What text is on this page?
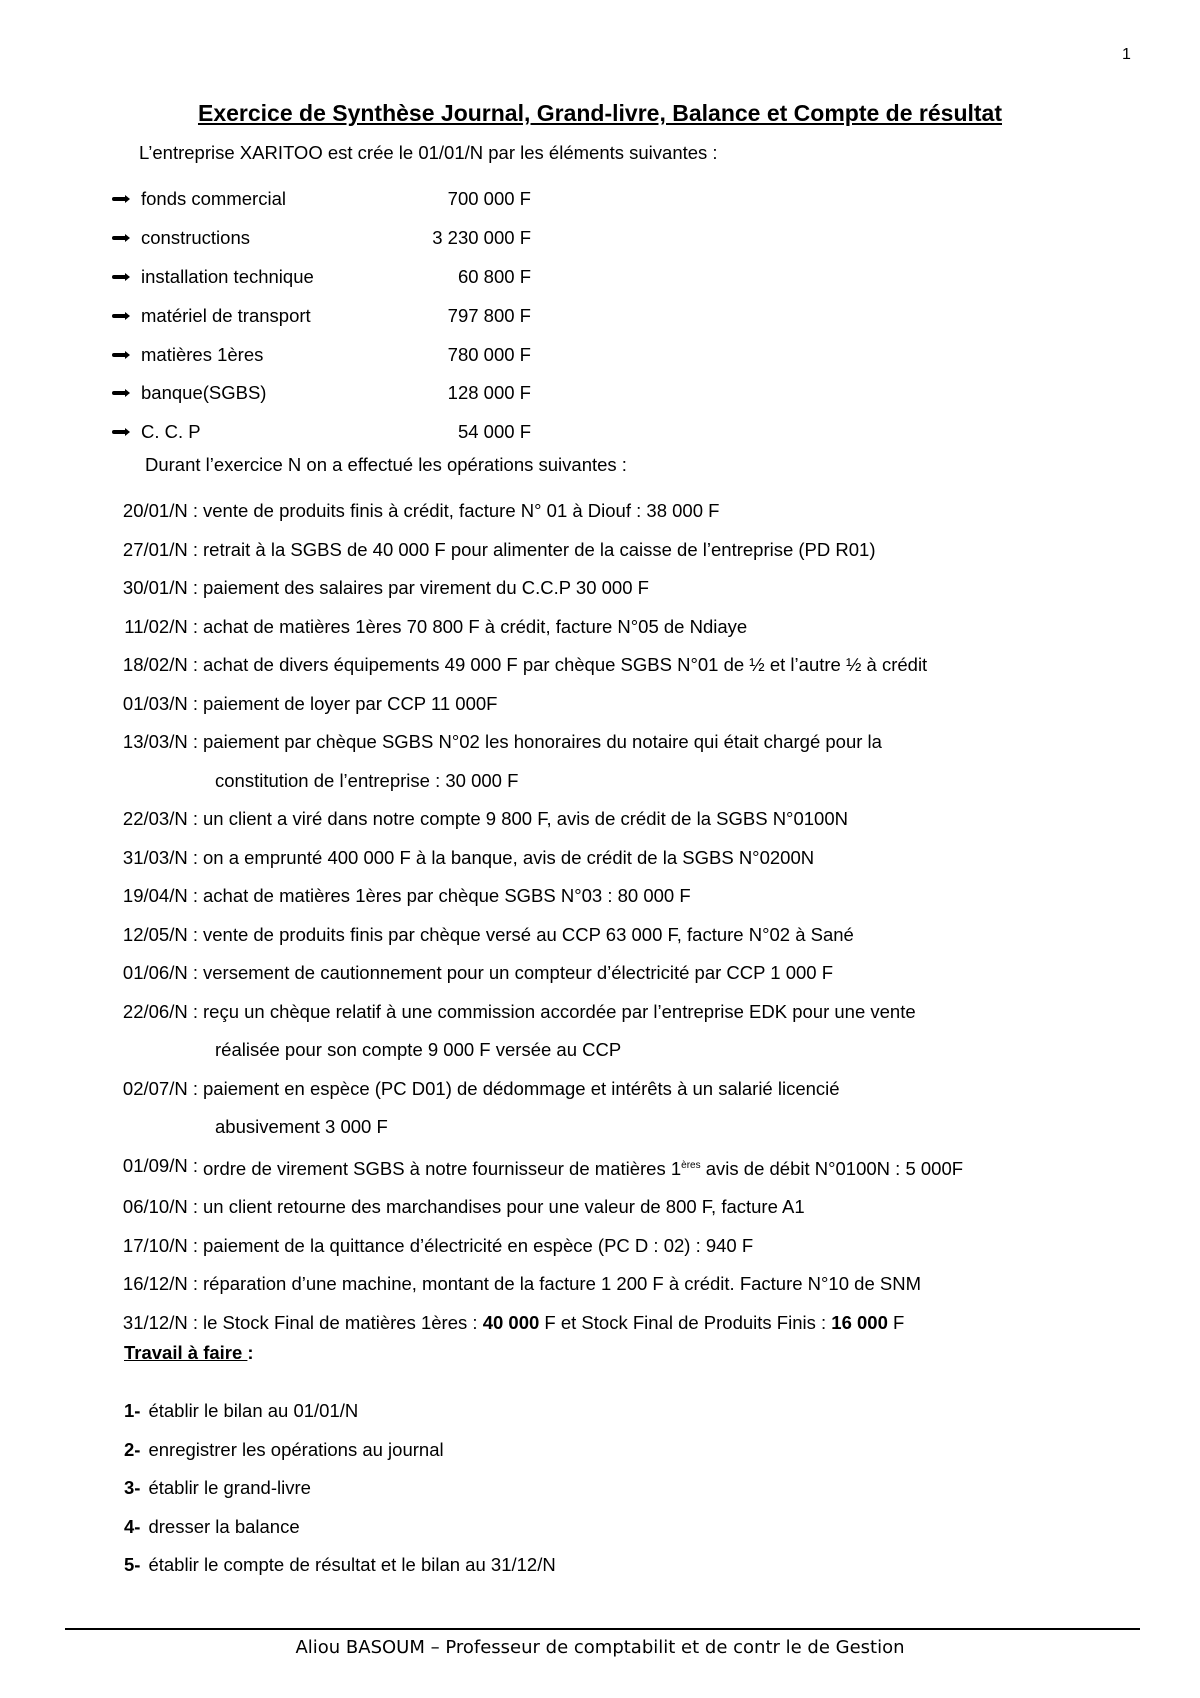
1
Exercice de Synthèse Journal, Grand-livre, Balance et Compte de résultat
L’entreprise XARITOO est crée le 01/01/N par les éléments suivantes :
fonds commercial	700 000 F
constructions	3 230 000 F
installation technique	60 800 F
matériel de transport	797 800 F
matières 1ères	780 000 F
banque(SGBS)	128 000 F
C. C. P	54 000 F
Durant l’exercice N on a effectué les opérations suivantes :
20/01/N : vente de produits finis à crédit, facture N° 01 à Diouf : 38 000 F
27/01/N : retrait à la SGBS de 40 000 F pour alimenter de la caisse de l’entreprise (PD R01)
30/01/N : paiement des salaires par virement du C.C.P 30 000 F
11/02/N : achat de matières 1ères 70 800 F à crédit, facture N°05 de Ndiaye
18/02/N : achat de divers équipements 49 000 F par chèque SGBS N°01 de ½ et l’autre ½ à crédit
01/03/N : paiement de loyer par CCP 11 000F
13/03/N : paiement par chèque SGBS N°02 les honoraires du notaire qui était chargé pour la
constitution de l’entreprise : 30 000 F
22/03/N : un client a viré dans notre compte 9 800 F, avis de crédit de la SGBS N°0100N
31/03/N : on a emprunté 400 000 F à la banque, avis de crédit de la SGBS N°0200N
19/04/N : achat de matières 1ères par chèque SGBS N°03 : 80 000 F
12/05/N : vente de produits finis par chèque versé au CCP 63 000 F, facture N°02 à Sané
01/06/N : versement de cautionnement pour un compteur d’électricité par CCP 1 000 F
22/06/N : reçu un chèque relatif à une commission accordée par l’entreprise EDK pour une vente
réalisée pour son compte 9 000 F versée au CCP
02/07/N : paiement en espèce (PC D01) de dédommage et intérêts à un salarié licencié
abusivement 3 000 F
01/09/N : ordre de virement SGBS à notre fournisseur de matières 1ères avis de débit N°0100N : 5 000F
06/10/N : un client retourne des marchandises pour une valeur de 800 F, facture A1
17/10/N : paiement de la quittance d’électricité en espèce (PC D : 02) : 940 F
16/12/N : réparation d’une machine, montant de la facture 1 200 F à crédit. Facture N°10 de SNM
31/12/N : le Stock Final de matières 1ères : 40 000 F et Stock Final de Produits Finis : 16 000 F
Travail à faire :
1- établir le bilan au 01/01/N
2- enregistrer les opérations au journal
3- établir le grand-livre
4- dresser la balance
5- établir le compte de résultat et le bilan au 31/12/N
Aliou BASOUM – Professeur de comptabilit et de contr le de Gestion
